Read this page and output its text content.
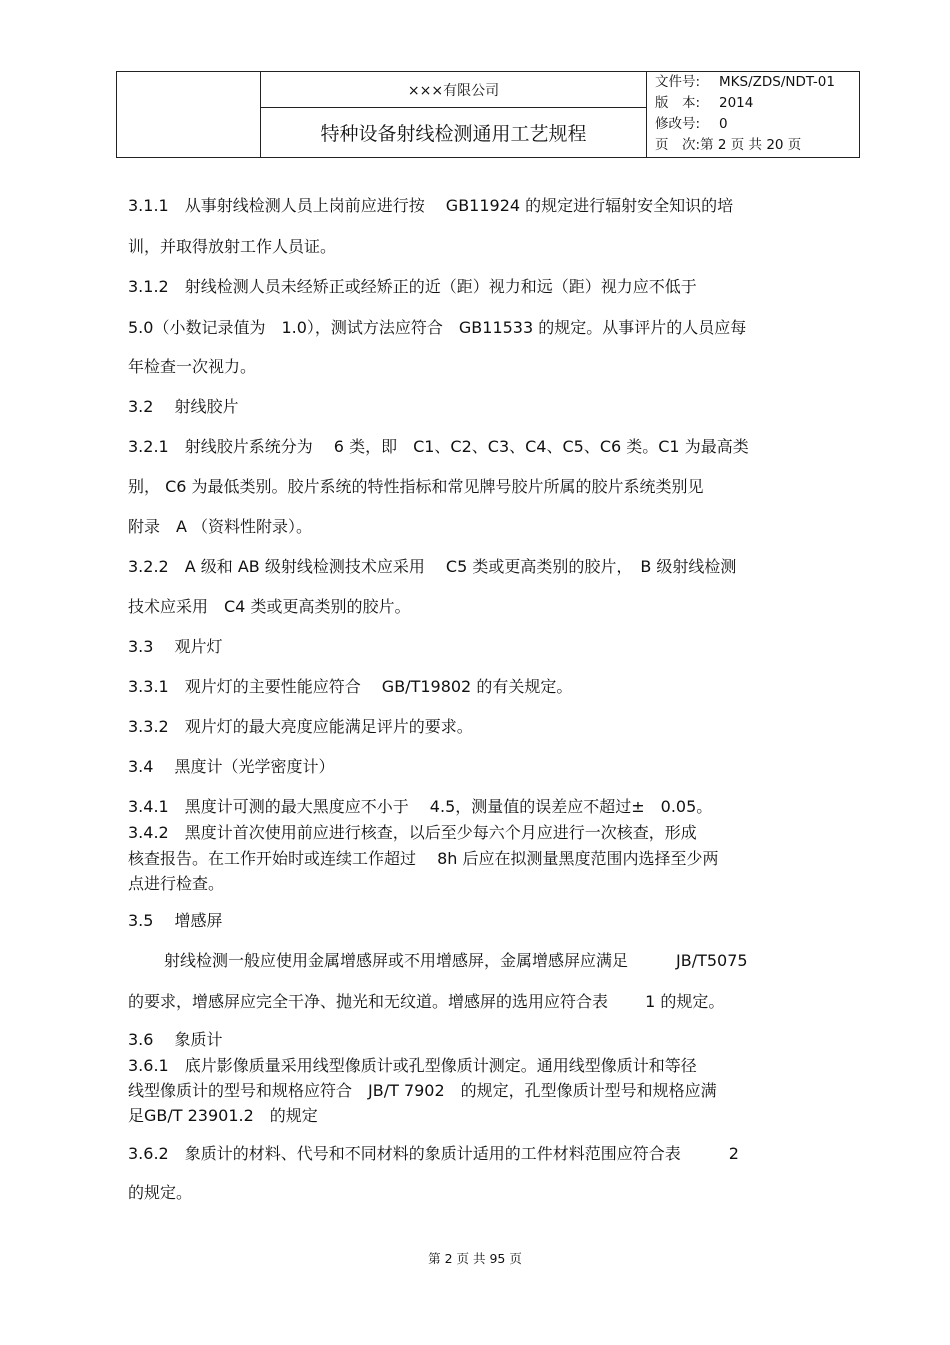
×××有限公司
特种设备射线检测通用工艺规程
文件号: MKS/ZDS/NDT-01
版　本: 2014
修改号: 0
页　次:第 2 页 共 20 页
3.1.1　从事射线检测人员上岗前应进行按　 GB11924 的规定进行辐射安全知识的培
训，并取得放射工作人员证。
3.1.2　射线检测人员未经矫正或经矫正的近（距）视力和远（距）视力应不低于
5.0（小数记录值为　1.0），测试方法应符合　GB11533 的规定。从事评片的人员应每
年检查一次视力。
3.2　 射线胶片
3.2.1　射线胶片系统分为　 6 类，即　C1、C2、C3、C4、C5、C6 类。C1 为最高类
别， C6 为最低类别。胶片系统的特性指标和常见牌号胶片所属的胶片系统类别见
附录　A （资料性附录）。
3.2.2　A 级和 AB 级射线检测技术应采用　 C5 类或更高类别的胶片，　B 级射线检测
技术应采用　C4 类或更高类别的胶片。
3.3　 观片灯
3.3.1　观片灯的主要性能应符合　 GB/T19802 的有关规定。
3.3.2　观片灯的最大亮度应能满足评片的要求。
3.4　 黑度计（光学密度计）
3.4.1　黑度计可测的最大黑度应不小于　 4.5，测量值的误差应不超过±　0.05。
3.4.2　黑度计首次使用前应进行核查，以后至少每六个月应进行一次核查，形成
核查报告。在工作开始时或连续工作超过　 8h 后应在拟测量黑度范围内选择至少两
点进行检查。
3.5　 增感屏
　射线检测一般应使用金属增感屏或不用增感屏，金属增感屏应满足　　　JB/T5075
的要求，增感屏应完全干净、抛光和无纹道。增感屏的选用应符合表　　 1 的规定。
3.6　 象质计
3.6.1　底片影像质量采用线型像质计或孔型像质计测定。通用线型像质计和等径
线型像质计的型号和规格应符合　JB/T 7902　的规定，孔型像质计型号和规格应满
足GB/T 23901.2　的规定
3.6.2　象质计的材料、代号和不同材料的象质计适用的工件材料范围应符合表　　　2
的规定。
第 2 页 共 95 页
